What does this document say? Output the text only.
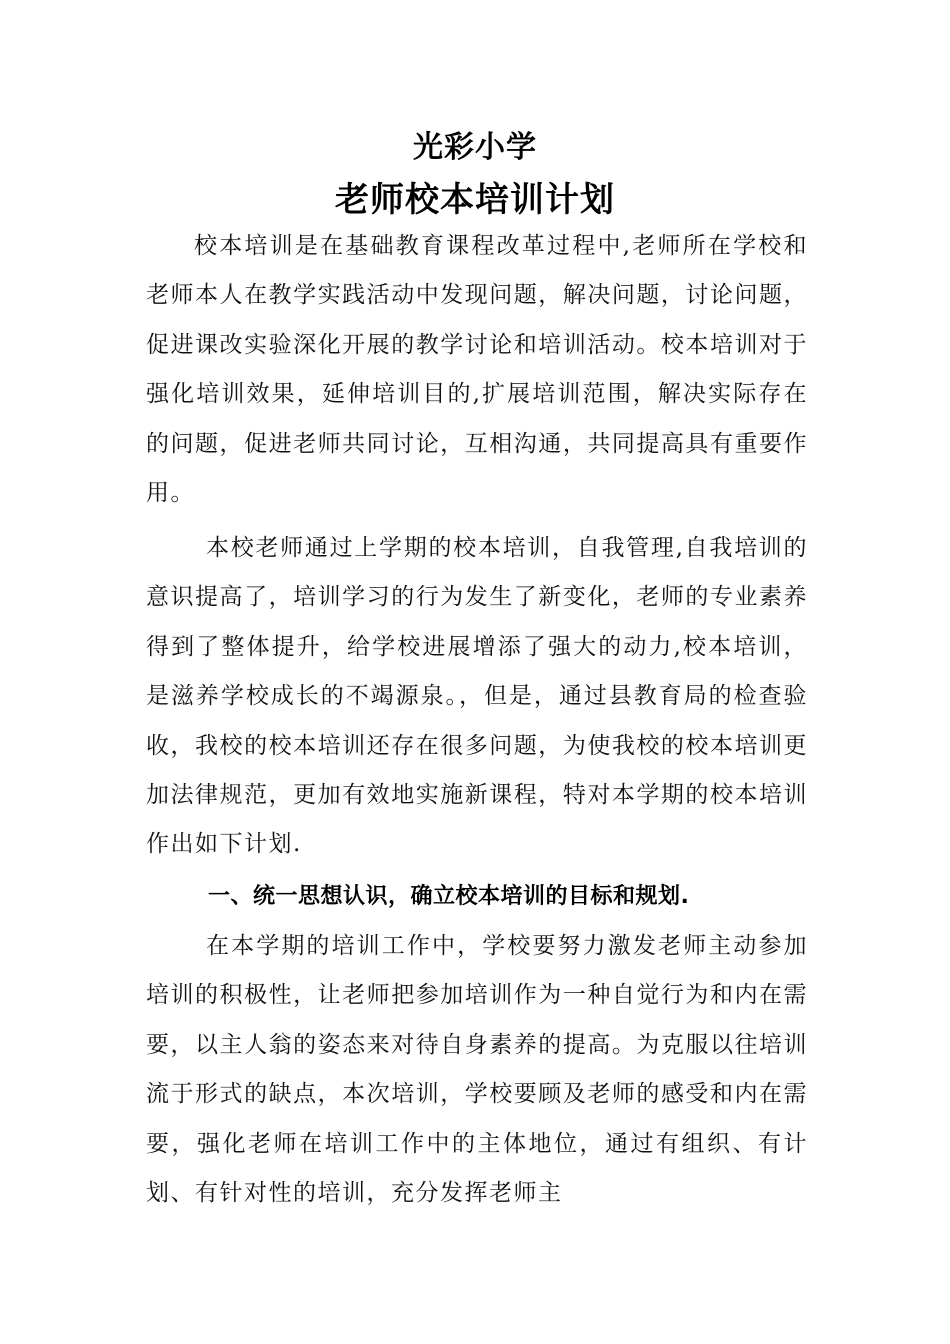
光彩小学
老师校本培训计划

校本培训是在基础教育课程改革过程中,老师所在学校和老师本人在教学实践活动中发现问题，解决问题，讨论问题，促进课改实验深化开展的教学讨论和培训活动。校本培训对于强化培训效果，延伸培训目的,扩展培训范围，解决实际存在的问题，促进老师共同讨论，互相沟通，共同提高具有重要作用。

本校老师通过上学期的校本培训，自我管理,自我培训的意识提高了，培训学习的行为发生了新变化，老师的专业素养得到了整体提升，给学校进展增添了强大的动力,校本培训，是滋养学校成长的不竭源泉。，但是，通过县教育局的检查验收，我校的校本培训还存在很多问题，为使我校的校本培训更加法律规范，更加有效地实施新课程，特对本学期的校本培训作出如下计划.

一、统一思想认识，确立校本培训的目标和规划.

在本学期的培训工作中，学校要努力激发老师主动参加培训的积极性，让老师把参加培训作为一种自觉行为和内在需要，以主人翁的姿态来对待自身素养的提高。为克服以往培训流于形式的缺点，本次培训，学校要顾及老师的感受和内在需要，强化老师在培训工作中的主体地位，通过有组织、有计划、有针对性的培训，充分发挥老师主
